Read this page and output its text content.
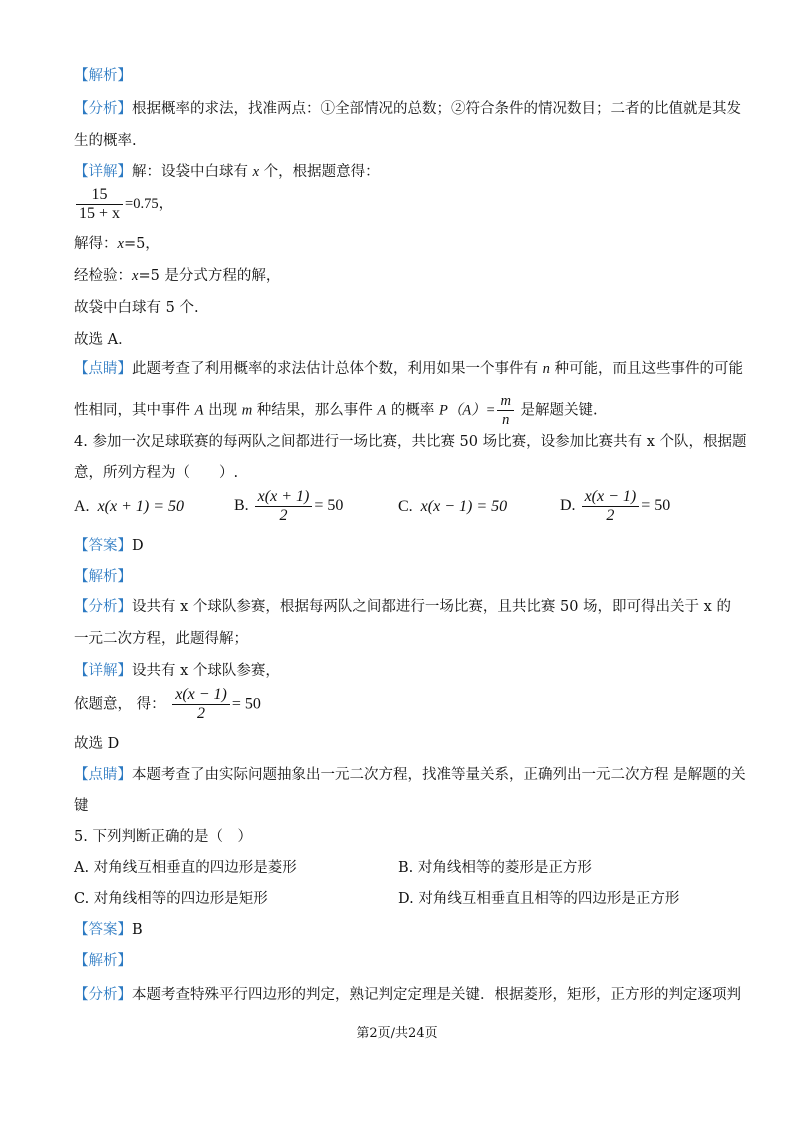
【解析】
【分析】根据概率的求法，找准两点：①全部情况的总数；②符合条件的情况数目；二者的比值就是其发
生的概率.
【详解】解：设袋中白球有 x 个，根据题意得：
$\frac{15}{15 + x} =0.75$，
解得：x=5，
经检验：x=5 是分式方程的解，
故袋中白球有 5 个.
故选 A．
【点睛】此题考查了利用概率的求法估计总体个数，利用如果一个事件有 n 种可能，而且这些事件的可能
性相同，其中事件 A 出现 m 种结果，那么事件 A 的概率 $P(A)= \frac{m}{n}$ 是解题关键.
4. 参加一次足球联赛的每两队之间都进行一场比赛，共比赛 50 场比赛，设参加比赛共有 x 个队，根据题
意，所列方程为（　　）.
A. x(x + 1) = 50	B. $\frac{x(x + 1)}{2} = 50$	C. x(x − 1) = 50	D. $\frac{x(x - 1)}{2} = 50$
【答案】D
【解析】
【分析】设共有 x 个球队参赛，根据每两队之间都进行一场比赛，且共比赛 50 场，即可得出关于 x 的
一元二次方程，此题得解；
【详解】设共有 x 个球队参赛，
依题意， 得： $\frac{x(x - 1)}{2} = 50$
故选 D
【点睛】本题考查了由实际问题抽象出一元二次方程，找准等量关系，正确列出一元二次方程 是解题的关
键
5. 下列判断正确的是（　）
A. 对角线互相垂直的四边形是菱形	B. 对角线相等的菱形是正方形
C. 对角线相等的四边形是矩形	D. 对角线互相垂直且相等的四边形是正方形
【答案】B
【解析】
【分析】本题考查特殊平行四边形的判定，熟记判定定理是关键．根据菱形，矩形，正方形的判定逐项判
第2页/共24页
